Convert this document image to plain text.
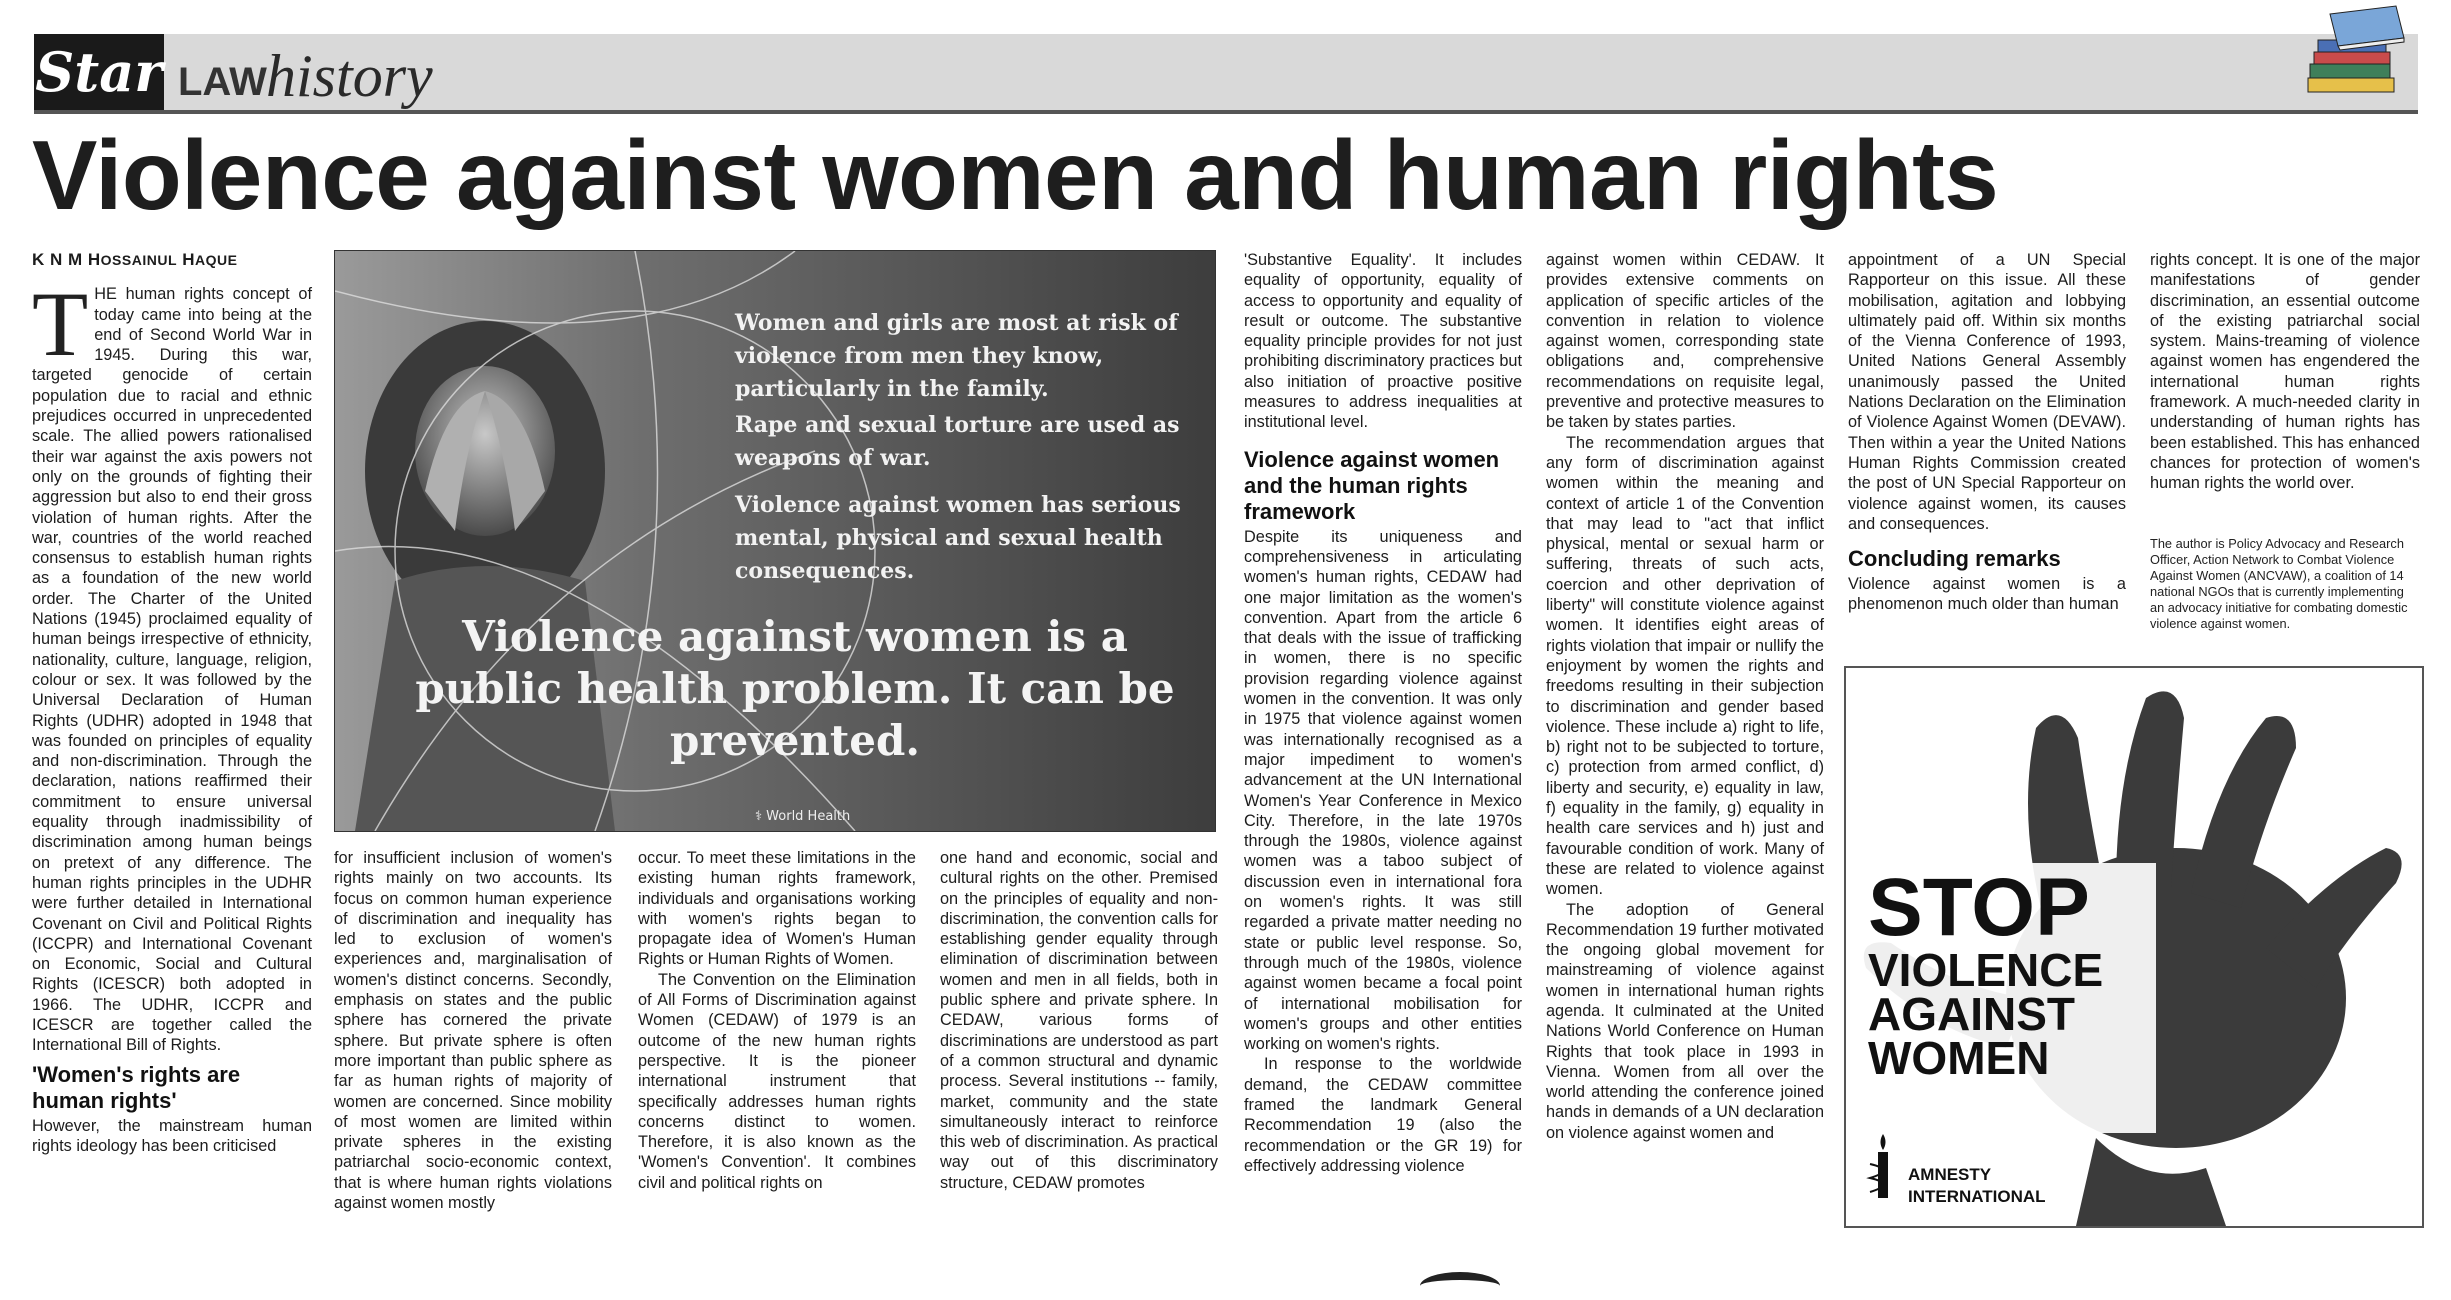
Star LAW history
Violence against women and human rights

K N M HOSSAINUL HAQUE

THE human rights concept of today came into being at the end of Second World War in 1945. During this war, targeted genocide of certain population due to racial and ethnic prejudices occurred in unprecedented scale. The allied powers rationalised their war against the axis powers not only on the grounds of fighting their aggression but also to end their gross violation of human rights. After the war, countries of the world reached consensus to establish human rights as a foundation of the new world order. The Charter of the United Nations (1945) proclaimed equality of human beings irrespective of ethnicity, nationality, culture, language, religion, colour or sex. It was followed by the Universal Declaration of Human Rights (UDHR) adopted in 1948 that was founded on principles of equality and non-discrimination. Through the declaration, nations reaffirmed their commitment to ensure universal equality through inadmissibility of discrimination among human beings on pretext of any difference. The human rights principles in the UDHR were further detailed in International Covenant on Civil and Political Rights (ICCPR) and International Covenant on Economic, Social and Cultural Rights (ICESCR) both adopted in 1966. The UDHR, ICCPR and ICESCR are together called the International Bill of Rights.

'Women's rights are human rights'

However, the mainstream human rights ideology has been criticised

Women and girls are most at risk of violence from men they know, particularly in the family.
Rape and sexual torture are used as weapons of war.
Violence against women has serious mental, physical and sexual health consequences.
Violence against women is a public health problem. It can be prevented.
⚕ World Health

for insufficient inclusion of women's rights mainly on two accounts. Its focus on common human experience of discrimination and inequality has led to exclusion of women's experiences and, marginalisation of women's distinct concerns. Secondly, emphasis on states and the public sphere has cornered the private sphere. But private sphere is often more important than public sphere as far as human rights of majority of women are concerned. Since mobility of most women are limited within private spheres in the existing patriarchal socio-economic context, that is where human rights violations against women mostly

occur. To meet these limitations in the existing human rights framework, individuals and organisations working with women's rights began to propagate idea of Women's Human Rights or Human Rights of Women.

The Convention on the Elimination of All Forms of Discrimination against Women (CEDAW) of 1979 is an outcome of the new human rights perspective. It is the pioneer international instrument that specifically addresses human rights concerns distinct to women. Therefore, it is also known as the 'Women's Convention'. It combines civil and political rights on

one hand and economic, social and cultural rights on the other. Premised on the principles of equality and non-discrimination, the convention calls for establishing gender equality through elimination of discrimination between women and men in all fields, both in public sphere and private sphere. In CEDAW, various forms of discriminations are understood as part of a common structural and dynamic process. Several institutions -- family, market, community and the state simultaneously interact to reinforce this web of discrimination. As practical way out of this discriminatory structure, CEDAW promotes

'Substantive Equality'. It includes equality of opportunity, equality of access to opportunity and equality of result or outcome. The substantive equality principle provides for not just prohibiting discriminatory practices but also initiation of proactive positive measures to address inequalities at institutional level.

Violence against women and the human rights framework

Despite its uniqueness and comprehensiveness in articulating women's human rights, CEDAW had one major limitation as the women's convention. Apart from the article 6 that deals with the issue of trafficking in women, there is no specific provision regarding violence against women in the convention. It was only in 1975 that violence against women was internationally recognised as a major impediment to women's advancement at the UN International Women's Year Conference in Mexico City. Therefore, in the late 1970s through the 1980s, violence against women was a taboo subject of discussion even in international fora on women's rights. It was still regarded a private matter needing no state or public level response. So, through much of the 1980s, violence against women became a focal point of international mobilisation for women's groups and other entities working on women's rights.

In response to the worldwide demand, the CEDAW committee framed the landmark General Recommendation 19 (also the recommendation or the GR 19) for effectively addressing violence

against women within CEDAW. It provides extensive comments on application of specific articles of the convention in relation to violence against women, corresponding state obligations and, comprehensive recommendations on requisite legal, preventive and protective measures to be taken by states parties.

The recommendation argues that any form of discrimination against women within the meaning and context of article 1 of the Convention that may lead to "act that inflict physical, mental or sexual harm or suffering, threats of such acts, coercion and other deprivation of liberty" will constitute violence against women. It identifies eight areas of rights violation that impair or nullify the enjoyment by women the rights and freedoms resulting in their subjection to discrimination and gender based violence. These include a) right to life, b) right not to be subjected to torture, c) protection from armed conflict, d) liberty and security, e) equality in law, f) equality in the family, g) equality in health care services and h) just and favourable condition of work. Many of these are related to violence against women.

The adoption of General Recommendation 19 further motivated the ongoing global movement for mainstreaming of violence against women in international human rights agenda. It culminated at the United Nations World Conference on Human Rights that took place in 1993 in Vienna. Women from all over the world attending the conference joined hands in demands of a UN declaration on violence against women and

appointment of a UN Special Rapporteur on this issue. All these mobilisation, agitation and lobbying ultimately paid off. Within six months of the Vienna Conference of 1993, United Nations General Assembly unanimously passed the United Nations Declaration on the Elimination of Violence Against Women (DEVAW). Then within a year the United Nations Human Rights Commission created the post of UN Special Rapporteur on violence against women, its causes and consequences.

Concluding remarks

Violence against women is a phenomenon much older than human

rights concept. It is one of the major manifestations of gender discrimination, an essential outcome of the existing patriarchal social system. Mains-treaming of violence against women has engendered the international human rights framework. A much-needed clarity in understanding of human rights has been established. This has enhanced chances for protection of women's human rights the world over.

The author is Policy Advocacy and Research Officer, Action Network to Combat Violence Against Women (ANCVAW), a coalition of 14 national NGOs that is currently implementing an advocacy initiative for combating domestic violence against women.
STOP
VIOLENCE
AGAINST
WOMEN
AMNESTY
INTERNATIONAL
